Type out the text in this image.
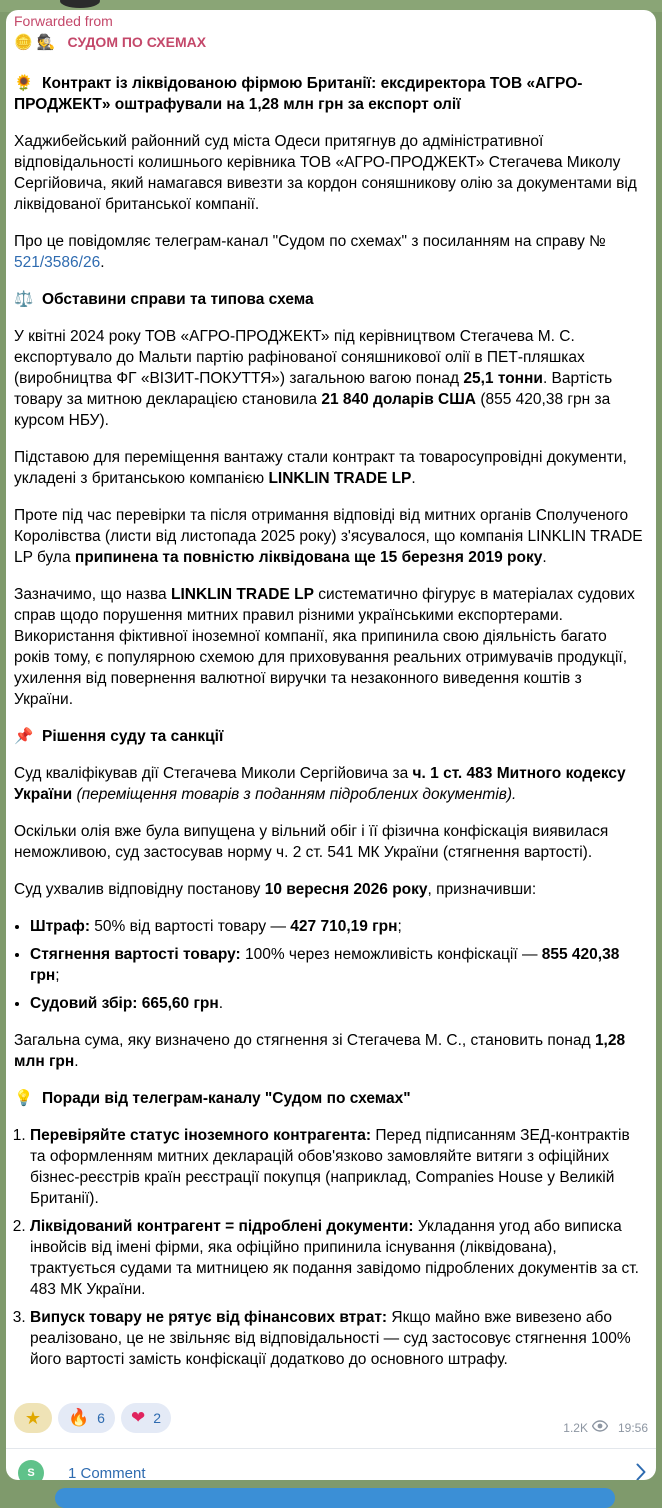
Forwarded from
🪙 🕵 СУДОМ ПО СХЕМАХ

🌻 Контракт із ліквідованою фірмою Британії: ексдиректора ТОВ «АГРО-ПРОДЖЕКТ» оштрафували на 1,28 млн грн за експорт олії

Хаджибейський районний суд міста Одеси притягнув до адміністративної відповідальності колишнього керівника ТОВ «АГРО-ПРОДЖЕКТ» Стегачева Миколу Сергійовича, який намагався вивезти за кордон соняшникову олію за документами від ліквідованої британської компанії.

Про це повідомляє телеграм-канал "Судом по схемах" з посиланням на справу № 521/3586/26.

⚖️ Обставини справи та типова схема

У квітні 2024 року ТОВ «АГРО-ПРОДЖЕКТ» під керівництвом Стегачева М. С. експортувало до Мальти партію рафінованої соняшникової олії в ПЕТ-пляшках (виробництва ФГ «ВІЗИТ-ПОКУТТЯ») загальною вагою понад 25,1 тонни. Вартість товару за митною декларацією становила 21 840 доларів США (855 420,38 грн за курсом НБУ).

Підставою для переміщення вантажу стали контракт та товаросупровідні документи, укладені з британською компанією LINKLIN TRADE LP.

Проте під час перевірки та після отримання відповіді від митних органів Сполученого Королівства (листи від листопада 2025 року) з'ясувалося, що компанія LINKLIN TRADE LP була припинена та повністю ліквідована ще 15 березня 2019 року.

Зазначимо, що назва LINKLIN TRADE LP систематично фігурує в матеріалах судових справ щодо порушення митних правил різними українськими експортерами. Використання фіктивної іноземної компанії, яка припинила свою діяльність багато років тому, є популярною схемою для приховування реальних отримувачів продукції, ухилення від повернення валютної виручки та незаконного виведення коштів з України.

📌 Рішення суду та санкції

Суд кваліфікував дії Стегачева Миколи Сергійовича за ч. 1 ст. 483 Митного кодексу України (переміщення товарів з поданням підроблених документів).

Оскільки олія вже була випущена у вільний обіг і її фізична конфіскація виявилася неможливою, суд застосував норму ч. 2 ст. 541 МК України (стягнення вартості).

Суд ухвалив відповідну постанову 10 вересня 2026 року, призначивши:

• Штраф: 50% від вартості товару — 427 710,19 грн;
• Стягнення вартості товару: 100% через неможливість конфіскації — 855 420,38 грн;
• Судовий збір: 665,60 грн.

Загальна сума, яку визначено до стягнення зі Стегачева М. С., становить понад 1,28 млн грн.

💡 Поради від телеграм-каналу "Судом по схемах"

1. Перевіряйте статус іноземного контрагента: Перед підписанням ЗЕД-контрактів та оформленням митних декларацій обов'язково замовляйте витяги з офіційних бізнес-реєстрів країн реєстрації покупця (наприклад, Companies House у Великій Британії).
2. Ліквідований контрагент = підроблені документи: Укладання угод або виписка інвойсів від імені фірми, яка офіційно припинила існування (ліквідована), трактується судами та митницею як подання завідомо підроблених документів за ст. 483 МК України.
3. Випуск товару не рятує від фінансових втрат: Якщо майно вже вивезено або реалізовано, це не звільняє від відповідальності — суд застосовує стягнення 100% його вартості замість конфіскації додатково до основного штрафу.
★ 🔥 6 ❤ 2
1.2K	19:56
S	1 Comment
